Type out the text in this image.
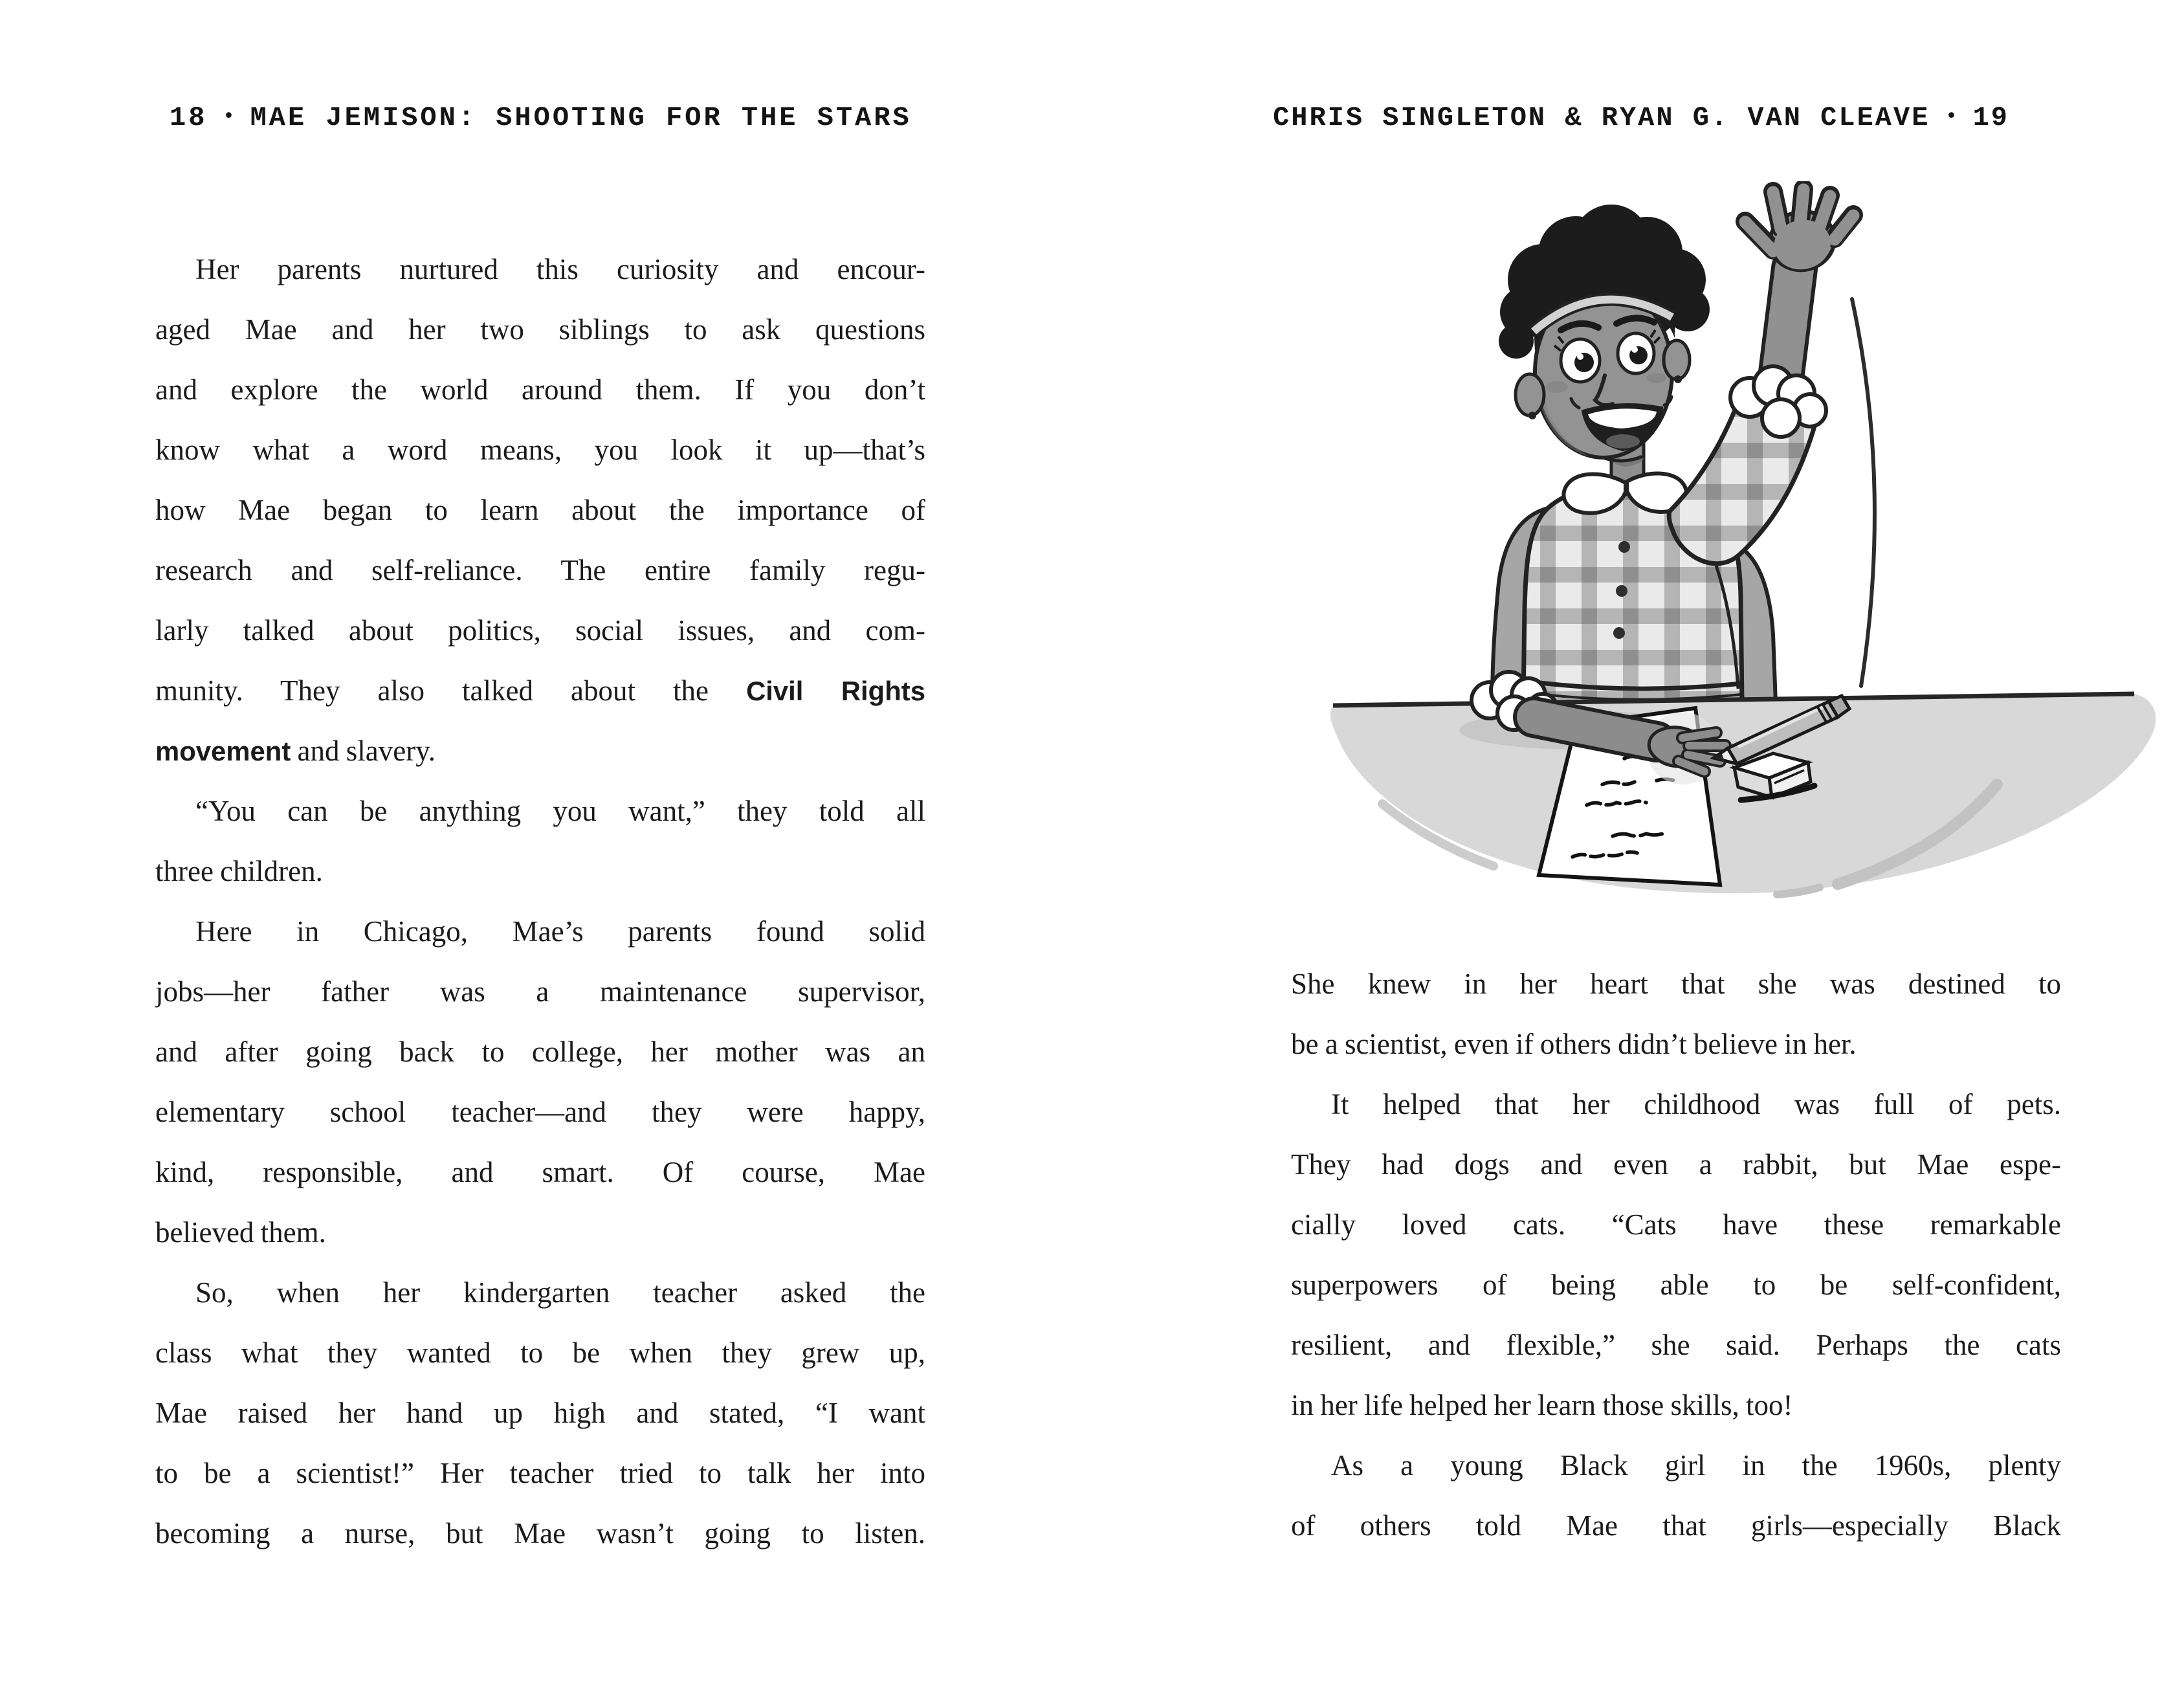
18 • MAE JEMISON: SHOOTING FOR THE STARS	CHRIS SINGLETON & RYAN G. VAN CLEAVE • 19
Her parents nurtured this curiosity and encour-
aged Mae and her two siblings to ask questions
and explore the world around them. If you don’t
know what a word means, you look it up—that’s
how Mae began to learn about the importance of
research and self-reliance. The entire family regu-
larly talked about politics, social issues, and com-
munity. They also talked about the Civil Rights
movement and slavery.
“You can be anything you want,” they told all
three children.
Here in Chicago, Mae’s parents found solid
jobs—her father was a maintenance supervisor,
and after going back to college, her mother was an
elementary school teacher—and they were happy,
kind, responsible, and smart. Of course, Mae
believed them.
So, when her kindergarten teacher asked the
class what they wanted to be when they grew up,
Mae raised her hand up high and stated, “I want
to be a scientist!” Her teacher tried to talk her into
becoming a nurse, but Mae wasn’t going to listen.
She knew in her heart that she was destined to
be a scientist, even if others didn’t believe in her.
It helped that her childhood was full of pets.
They had dogs and even a rabbit, but Mae espe-
cially loved cats. “Cats have these remarkable
superpowers of being able to be self-confident,
resilient, and flexible,” she said. Perhaps the cats
in her life helped her learn those skills, too!
As a young Black girl in the 1960s, plenty
of others told Mae that girls—especially Black
